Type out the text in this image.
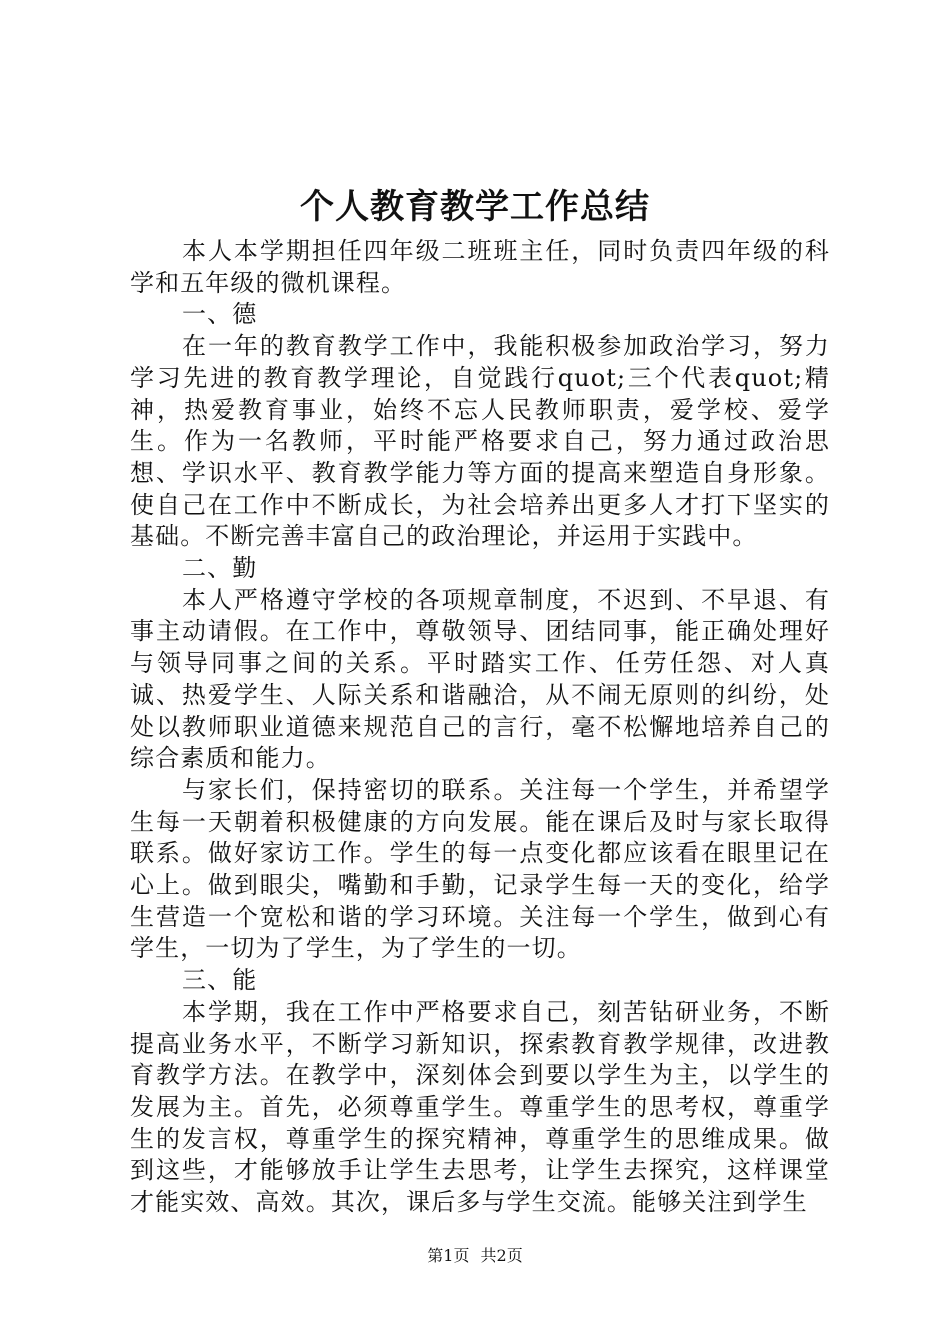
个人教育教学工作总结

本人本学期担任四年级二班班主任，同时负责四年级的科学和五年级的微机课程。

一、德

在一年的教育教学工作中，我能积极参加政治学习，努力学习先进的教育教学理论，自觉践行quot;三个代表quot;精神，热爱教育事业，始终不忘人民教师职责，爱学校、爱学生。作为一名教师，平时能严格要求自己，努力通过政治思想、学识水平、教育教学能力等方面的提高来塑造自身形象。使自己在工作中不断成长，为社会培养出更多人才打下坚实的基础。不断完善丰富自己的政治理论，并运用于实践中。

二、勤

本人严格遵守学校的各项规章制度，不迟到、不早退、有事主动请假。在工作中，尊敬领导、团结同事，能正确处理好与领导同事之间的关系。平时踏实工作、任劳任怨、对人真诚、热爱学生、人际关系和谐融洽，从不闹无原则的纠纷，处处以教师职业道德来规范自己的言行，毫不松懈地培养自己的综合素质和能力。

与家长们，保持密切的联系。关注每一个学生，并希望学生每一天朝着积极健康的方向发展。能在课后及时与家长取得联系。做好家访工作。学生的每一点变化都应该看在眼里记在心上。做到眼尖，嘴勤和手勤，记录学生每一天的变化，给学生营造一个宽松和谐的学习环境。关注每一个学生，做到心有学生，一切为了学生，为了学生的一切。

三、能

本学期，我在工作中严格要求自己，刻苦钻研业务，不断提高业务水平，不断学习新知识，探索教育教学规律，改进教育教学方法。在教学中，深刻体会到要以学生为主，以学生的发展为主。首先，必须尊重学生。尊重学生的思考权，尊重学生的发言权，尊重学生的探究精神，尊重学生的思维成果。做到这些，才能够放手让学生去思考，让学生去探究，这样课堂才能实效、高效。其次，课后多与学生交流。能够关注到学生

第1页 共2页
